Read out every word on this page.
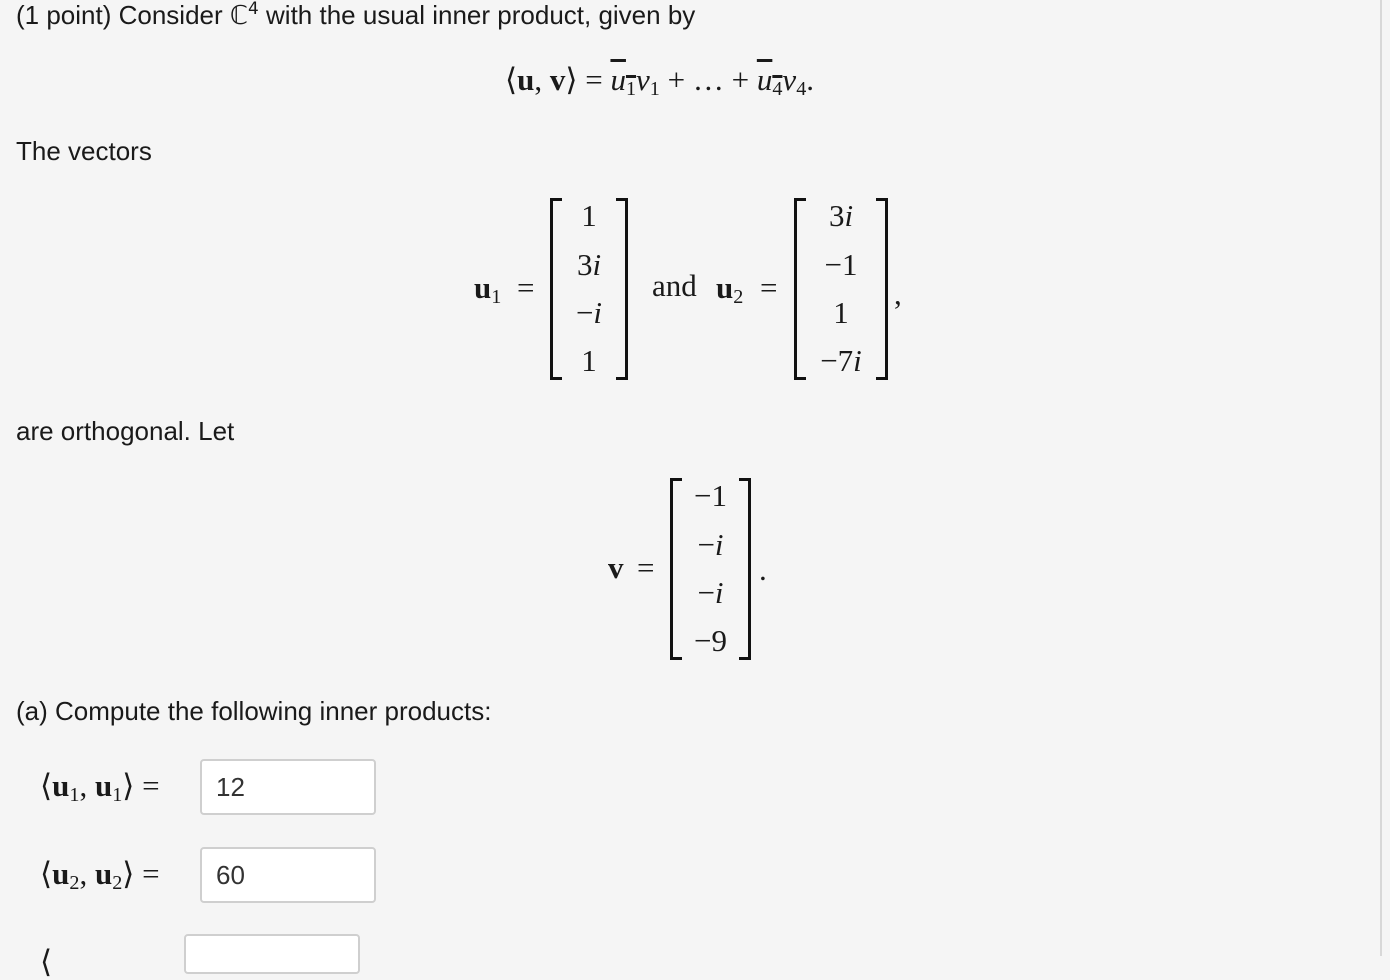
(1 point) Consider ℂ$^4$ with the usual inner product, given by
⟨u, v⟩ = $u_1v_1$ + … + $u_4v_4$.
The vectors
$u_1$ =
1
3i
−i
1
and $u_2$ =
3i
−1
1
−7i
,
are orthogonal. Let
v =
−1
−i
−i
−9
.
(a) Compute the following inner products:
$⟨u_1$, $u_1⟩$ =
12
$⟨u_2$, $u_2⟩$ =
60
⟨
